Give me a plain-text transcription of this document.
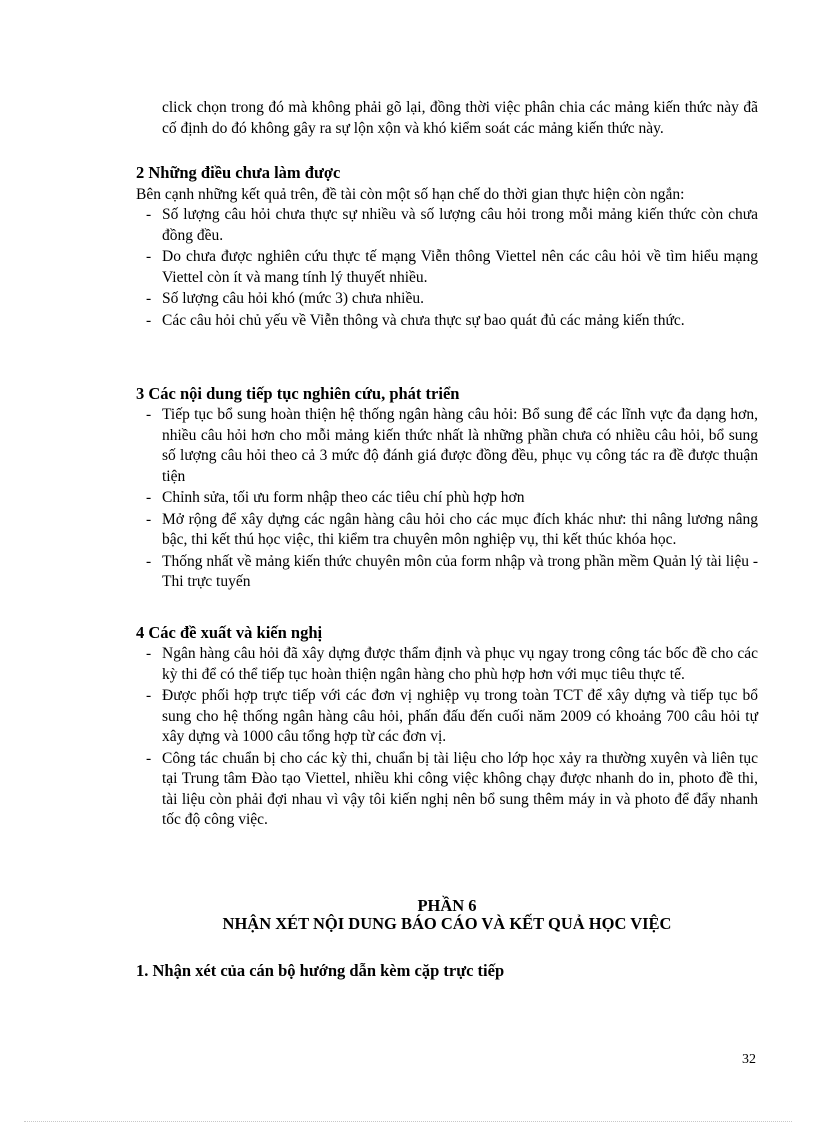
click chọn trong đó mà không phải gõ lại, đồng thời việc phân chia các mảng kiến thức này đã cố định do đó không gây ra sự lộn xộn và khó kiểm soát các mảng kiến thức này.

2 Những điều chưa làm được

Bên cạnh những kết quả trên, đề tài còn một số hạn chế do thời gian thực hiện còn ngắn:

- Số lượng câu hỏi chưa thực sự nhiều và số lượng câu hỏi trong mỗi mảng kiến thức còn chưa đồng đều.
- Do chưa được nghiên cứu thực tế mạng Viễn thông Viettel nên các câu hỏi về tìm hiểu mạng Viettel còn ít và mang tính lý thuyết nhiều.
- Số lượng câu hỏi khó (mức 3) chưa nhiều.
- Các câu hỏi chủ yếu về Viễn thông và chưa thực sự bao quát đủ các mảng kiến thức.

3 Các nội dung tiếp tục nghiên cứu, phát triển

- Tiếp tục bổ sung hoàn thiện hệ thống ngân hàng câu hỏi: Bổ sung để các lĩnh vực đa dạng hơn, nhiều câu hỏi hơn cho mỗi mảng kiến thức nhất là những phần chưa có nhiều câu hỏi, bổ sung số lượng câu hỏi theo cả 3 mức độ đánh giá được đồng đều, phục vụ công tác ra đề được thuận tiện
- Chỉnh sửa, tối ưu form nhập theo các tiêu chí phù hợp hơn
- Mở rộng để xây dựng các ngân hàng câu hỏi cho các mục đích khác như: thi nâng lương nâng bậc, thi kết thú học việc, thi kiểm tra chuyên môn nghiệp vụ, thi kết thúc khóa học.
- Thống nhất về mảng kiến thức chuyên môn của form nhập và trong phần mềm Quản lý tài liệu - Thi trực tuyến

4 Các đề xuất và kiến nghị

- Ngân hàng câu hỏi đã xây dựng được thẩm định và phục vụ ngay trong công tác bốc đề cho các kỳ thi để có thể tiếp tục hoàn thiện ngân hàng cho phù hợp hơn với mục tiêu thực tế.
- Được phối hợp trực tiếp với các đơn vị nghiệp vụ trong toàn TCT để xây dựng và tiếp tục bổ sung cho hệ thống ngân hàng câu hỏi, phấn đấu đến cuối năm 2009 có khoảng 700 câu hỏi tự xây dựng và 1000 câu tổng hợp từ các đơn vị.
- Công tác chuẩn bị cho các kỳ thi, chuẩn bị tài liệu cho lớp học xảy ra thường xuyên và liên tục tại Trung tâm Đào tạo Viettel, nhiều khi công việc không chạy được nhanh do in, photo đề thi, tài liệu còn phải đợi nhau vì vậy tôi kiến nghị nên bổ sung thêm máy in và photo để đẩy nhanh tốc độ công việc.
PHẦN 6
NHẬN XÉT NỘI DUNG BÁO CÁO VÀ KẾT QUẢ HỌC VIỆC

1. Nhận xét của cán bộ hướng dẫn kèm cặp trực tiếp

32
